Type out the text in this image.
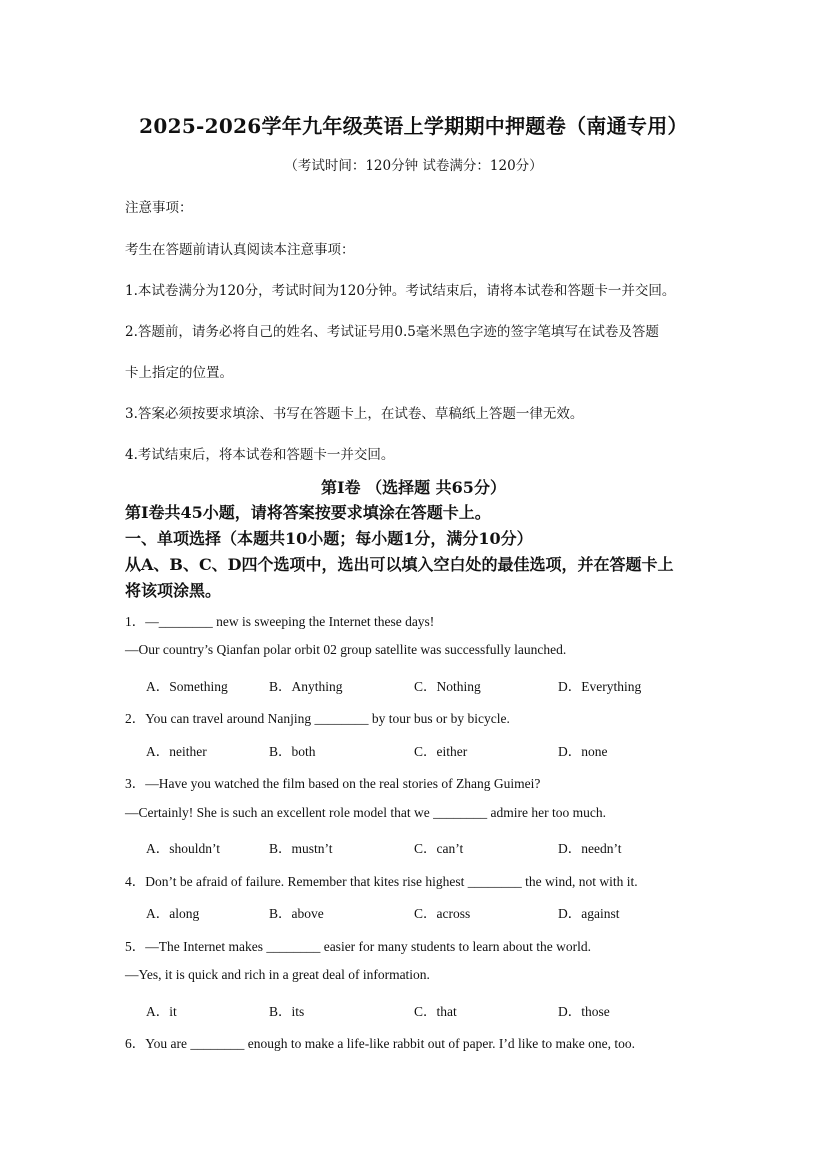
2025-2026学年九年级英语上学期期中押题卷（南通专用）
（考试时间：120分钟 试卷满分：120分）
注意事项：
考生在答题前请认真阅读本注意事项：
1.本试卷满分为120分，考试时间为120分钟。考试结束后，请将本试卷和答题卡一并交回。
2.答题前，请务必将自己的姓名、考试证号用0.5毫米黑色字迹的签字笔填写在试卷及答题
卡上指定的位置。
3.答案必须按要求填涂、书写在答题卡上，在试卷、草稿纸上答题一律无效。
4.考试结束后，将本试卷和答题卡一并交回。
第Ⅰ卷 （选择题 共65分）
第Ⅰ卷共45小题，请将答案按要求填涂在答题卡上。
一、单项选择（本题共10小题；每小题1分，满分10分）
从A、B、C、D四个选项中，选出可以填入空白处的最佳选项，并在答题卡上
将该项涂黑。
1．—________ new is sweeping the Internet these days!
—Our country’s Qianfan polar orbit 02 group satellite was successfully launched.
A．Something	B．Anything	C．Nothing	D．Everything
2．You can travel around Nanjing ________ by tour bus or by bicycle.
A．neither	B．both	C．either	D．none
3．—Have you watched the film based on the real stories of Zhang Guimei?
—Certainly! She is such an excellent role model that we ________ admire her too much.
A．shouldn’t	B．mustn’t	C．can’t	D．needn’t
4．Don’t be afraid of failure. Remember that kites rise highest ________ the wind, not with it.
A．along	B．above	C．across	D．against
5．—The Internet makes ________ easier for many students to learn about the world.
—Yes, it is quick and rich in a great deal of information.
A．it	B．its	C．that	D．those
6．You are ________ enough to make a life-like rabbit out of paper. I’d like to make one, too.
